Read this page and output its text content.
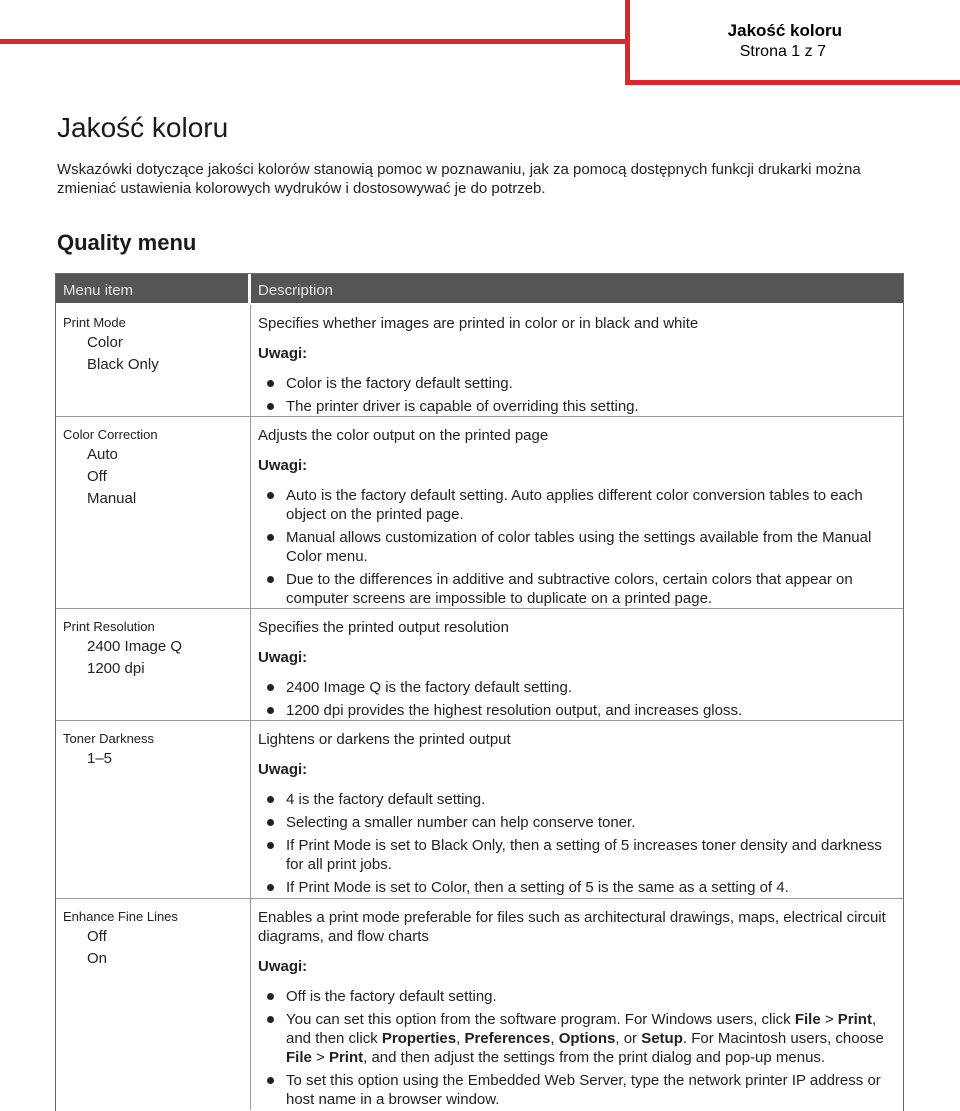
Jakość koloru
Strona 1 z 7
Jakość koloru

Wskazówki dotyczące jakości kolorów stanowią pomoc w poznawaniu, jak za pomocą dostępnych funkcji drukarki można zmieniać ustawienia kolorowych wydruków i dostosowywać je do potrzeb.

Quality menu
Menu item	Description
Print Mode
Color
Black Only
Specifies whether images are printed in color or in black and white
Uwagi:
Color is the factory default setting.
The printer driver is capable of overriding this setting.
Color Correction
Auto
Off
Manual
Adjusts the color output on the printed page
Uwagi:
Auto is the factory default setting. Auto applies different color conversion tables to each object on the printed page.
Manual allows customization of color tables using the settings available from the Manual Color menu.
Due to the differences in additive and subtractive colors, certain colors that appear on computer screens are impossible to duplicate on a printed page.
Print Resolution
2400 Image Q
1200 dpi
Specifies the printed output resolution
Uwagi:
2400 Image Q is the factory default setting.
1200 dpi provides the highest resolution output, and increases gloss.
Toner Darkness
1–5
Lightens or darkens the printed output
Uwagi:
4 is the factory default setting.
Selecting a smaller number can help conserve toner.
If Print Mode is set to Black Only, then a setting of 5 increases toner density and darkness for all print jobs.
If Print Mode is set to Color, then a setting of 5 is the same as a setting of 4.
Enhance Fine Lines
Off
On
Enables a print mode preferable for files such as architectural drawings, maps, electrical circuit diagrams, and flow charts
Uwagi:
Off is the factory default setting.
You can set this option from the software program. For Windows users, click File > Print, and then click Properties, Preferences, Options, or Setup. For Macintosh users, choose File > Print, and then adjust the settings from the print dialog and pop-up menus.
To set this option using the Embedded Web Server, type the network printer IP address or host name in a browser window.
